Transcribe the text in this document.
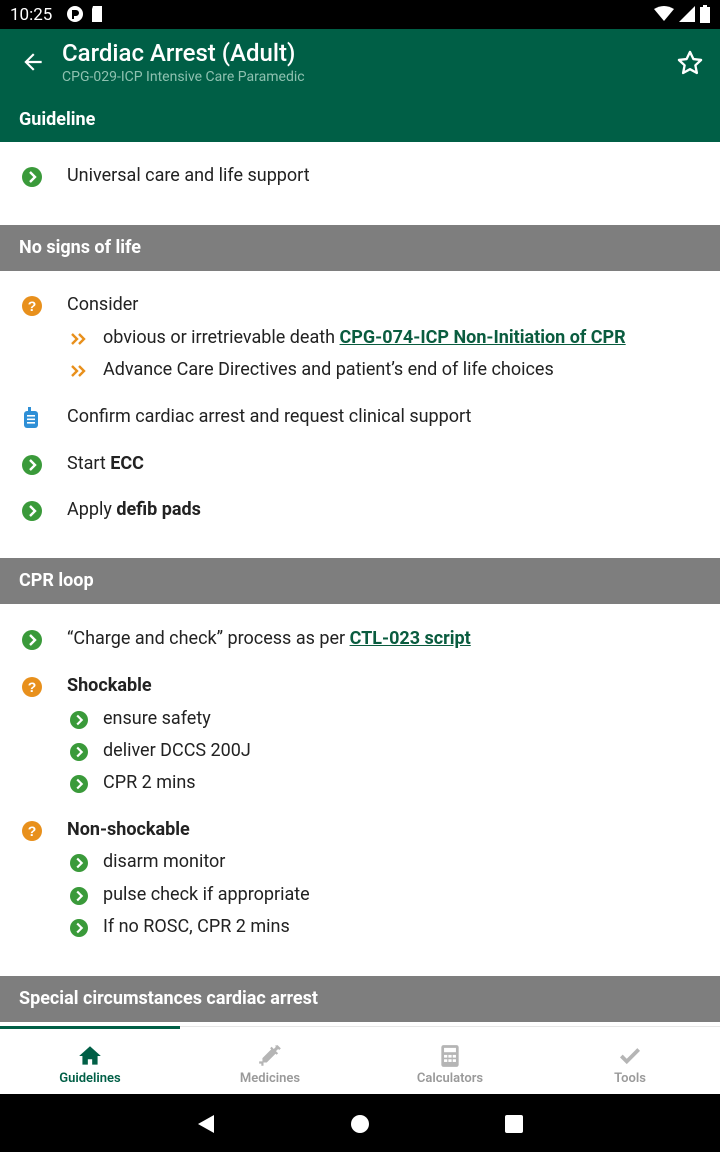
10:25
Cardiac Arrest (Adult)
CPG-029-ICP Intensive Care Paramedic
Guideline
Universal care and life support
No signs of life
? Consider
obvious or irretrievable death CPG-074-ICP Non-Initiation of CPR
Advance Care Directives and patient’s end of life choices
Confirm cardiac arrest and request clinical support
Start ECC
Apply defib pads
CPR loop
“Charge and check” process as per CTL-023 script
? Shockable
ensure safety
deliver DCCS 200J
CPR 2 mins
? Non-shockable
disarm monitor
pulse check if appropriate
If no ROSC, CPR 2 mins
Special circumstances cardiac arrest
Guidelines	Medicines	Calculators	Tools
